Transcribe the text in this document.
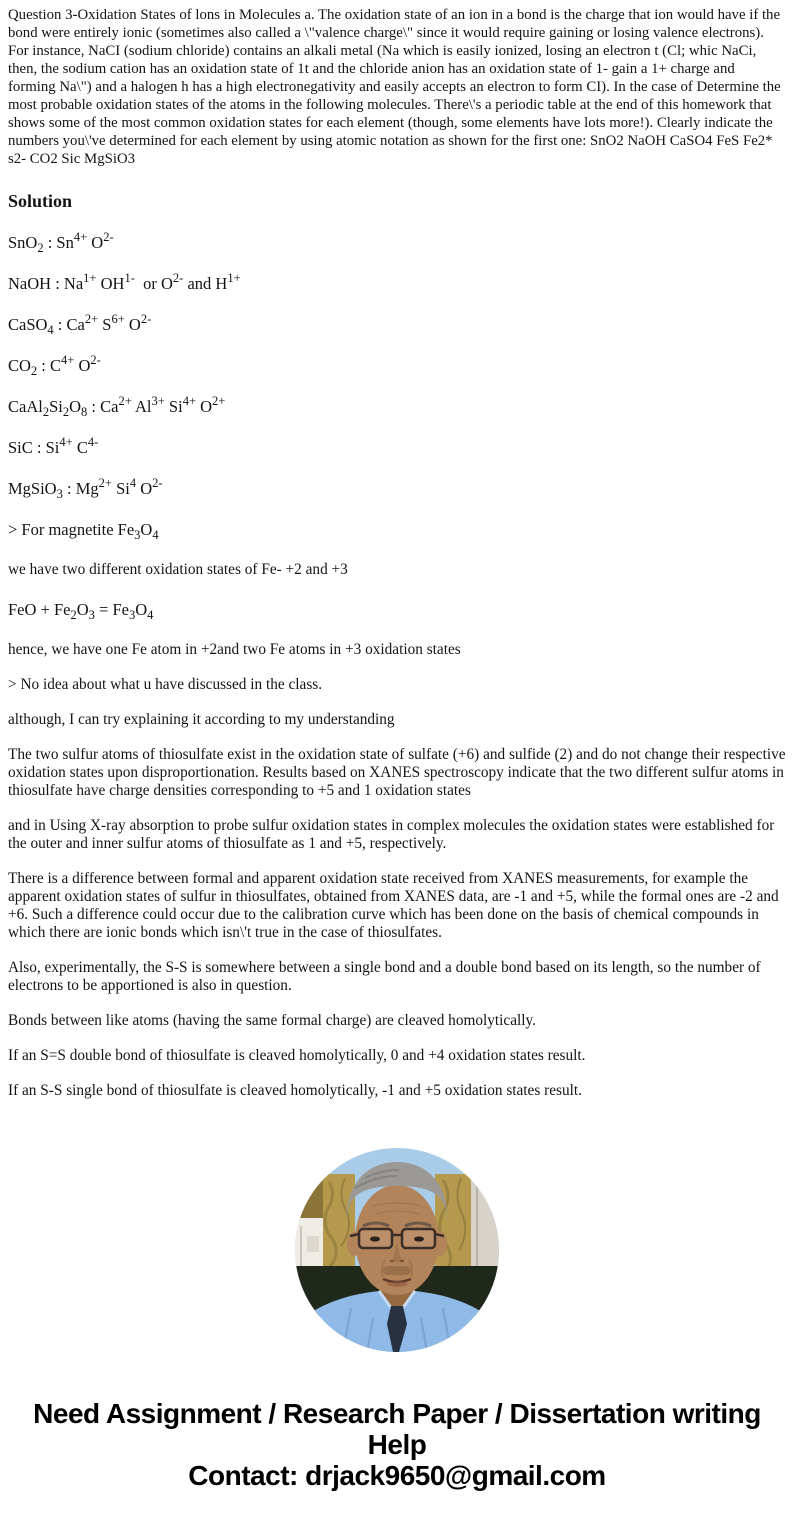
Question 3-Oxidation States of lons in Molecules a. The oxidation state of an ion in a bond is the charge that ion would have if the bond were entirely ionic (sometimes also called a \"valence charge\" since it would require gaining or losing valence electrons). For instance, NaCI (sodium chloride) contains an alkali metal (Na which is easily ionized, losing an electron t (Cl; whic NaCi, then, the sodium cation has an oxidation state of 1t and the chloride anion has an oxidation state of 1- gain a 1+ charge and forming Na\") and a halogen h has a high electronegativity and easily accepts an electron to form CI). In the case of Determine the most probable oxidation states of the atoms in the following molecules. There\'s a periodic table at the end of this homework that shows some of the most common oxidation states for each element (though, some elements have lots more!). Clearly indicate the numbers you\'ve determined for each element by using atomic notation as shown for the first one: SnO2 NaOH CaSO4 FeS Fe2* s2- CO2 Sic MgSiO3

Solution

SnO$_2$ : $Sn^{4+}$ $O^{2-}$

NaOH : $Na^{1+}$ $OH^{1-}$  or $O^{2-}$ and $H^{1+}$

CaSO$_4$ : $Ca^{2+}$ $S^{6+}$ $O^{2-}$

$CO_2$ : $C^{4+}$ $O^{2-}$

$CaAl_2Si_2O_8$ : $Ca^{2+}$ $Al^{3+}$ $Si^{4+}$ $O^{2+}$

SiC : $Si^{4+}$ $C^{4-}$

MgSiO$_3$ : $Mg^{2+}$ Si$^4$ $O^{2-}$

> For magnetite $Fe_3O_4$

we have two different oxidation states of Fe- +2 and +3

FeO + $Fe_2O_3 = Fe_3O_4$

hence, we have one Fe atom in +2and two Fe atoms in +3 oxidation states

> No idea about what u have discussed in the class.

although, I can try explaining it according to my understanding

The two sulfur atoms of thiosulfate exist in the oxidation state of sulfate (+6) and sulfide (2) and do not change their respective oxidation states upon disproportionation. Results based on XANES spectroscopy indicate that the two different sulfur atoms in thiosulfate have charge densities corresponding to +5 and 1 oxidation states

and in Using X-ray absorption to probe sulfur oxidation states in complex molecules the oxidation states were established for the outer and inner sulfur atoms of thiosulfate as 1 and +5, respectively.

There is a difference between formal and apparent oxidation state received from XANES measurements, for example the apparent oxidation states of sulfur in thiosulfates, obtained from XANES data, are -1 and +5, while the formal ones are -2 and +6. Such a difference could occur due to the calibration curve which has been done on the basis of chemical compounds in which there are ionic bonds which isn\'t true in the case of thiosulfates.

Also, experimentally, the S-S is somewhere between a single bond and a double bond based on its length, so the number of electrons to be apportioned is also in question.

Bonds between like atoms (having the same formal charge) are cleaved homolytically.

If an S=S double bond of thiosulfate is cleaved homolytically, 0 and +4 oxidation states result.

If an S-S single bond of thiosulfate is cleaved homolytically, -1 and +5 oxidation states result.

Need Assignment / Research Paper / Dissertation writing Help
Contact: drjack9650@gmail.com
